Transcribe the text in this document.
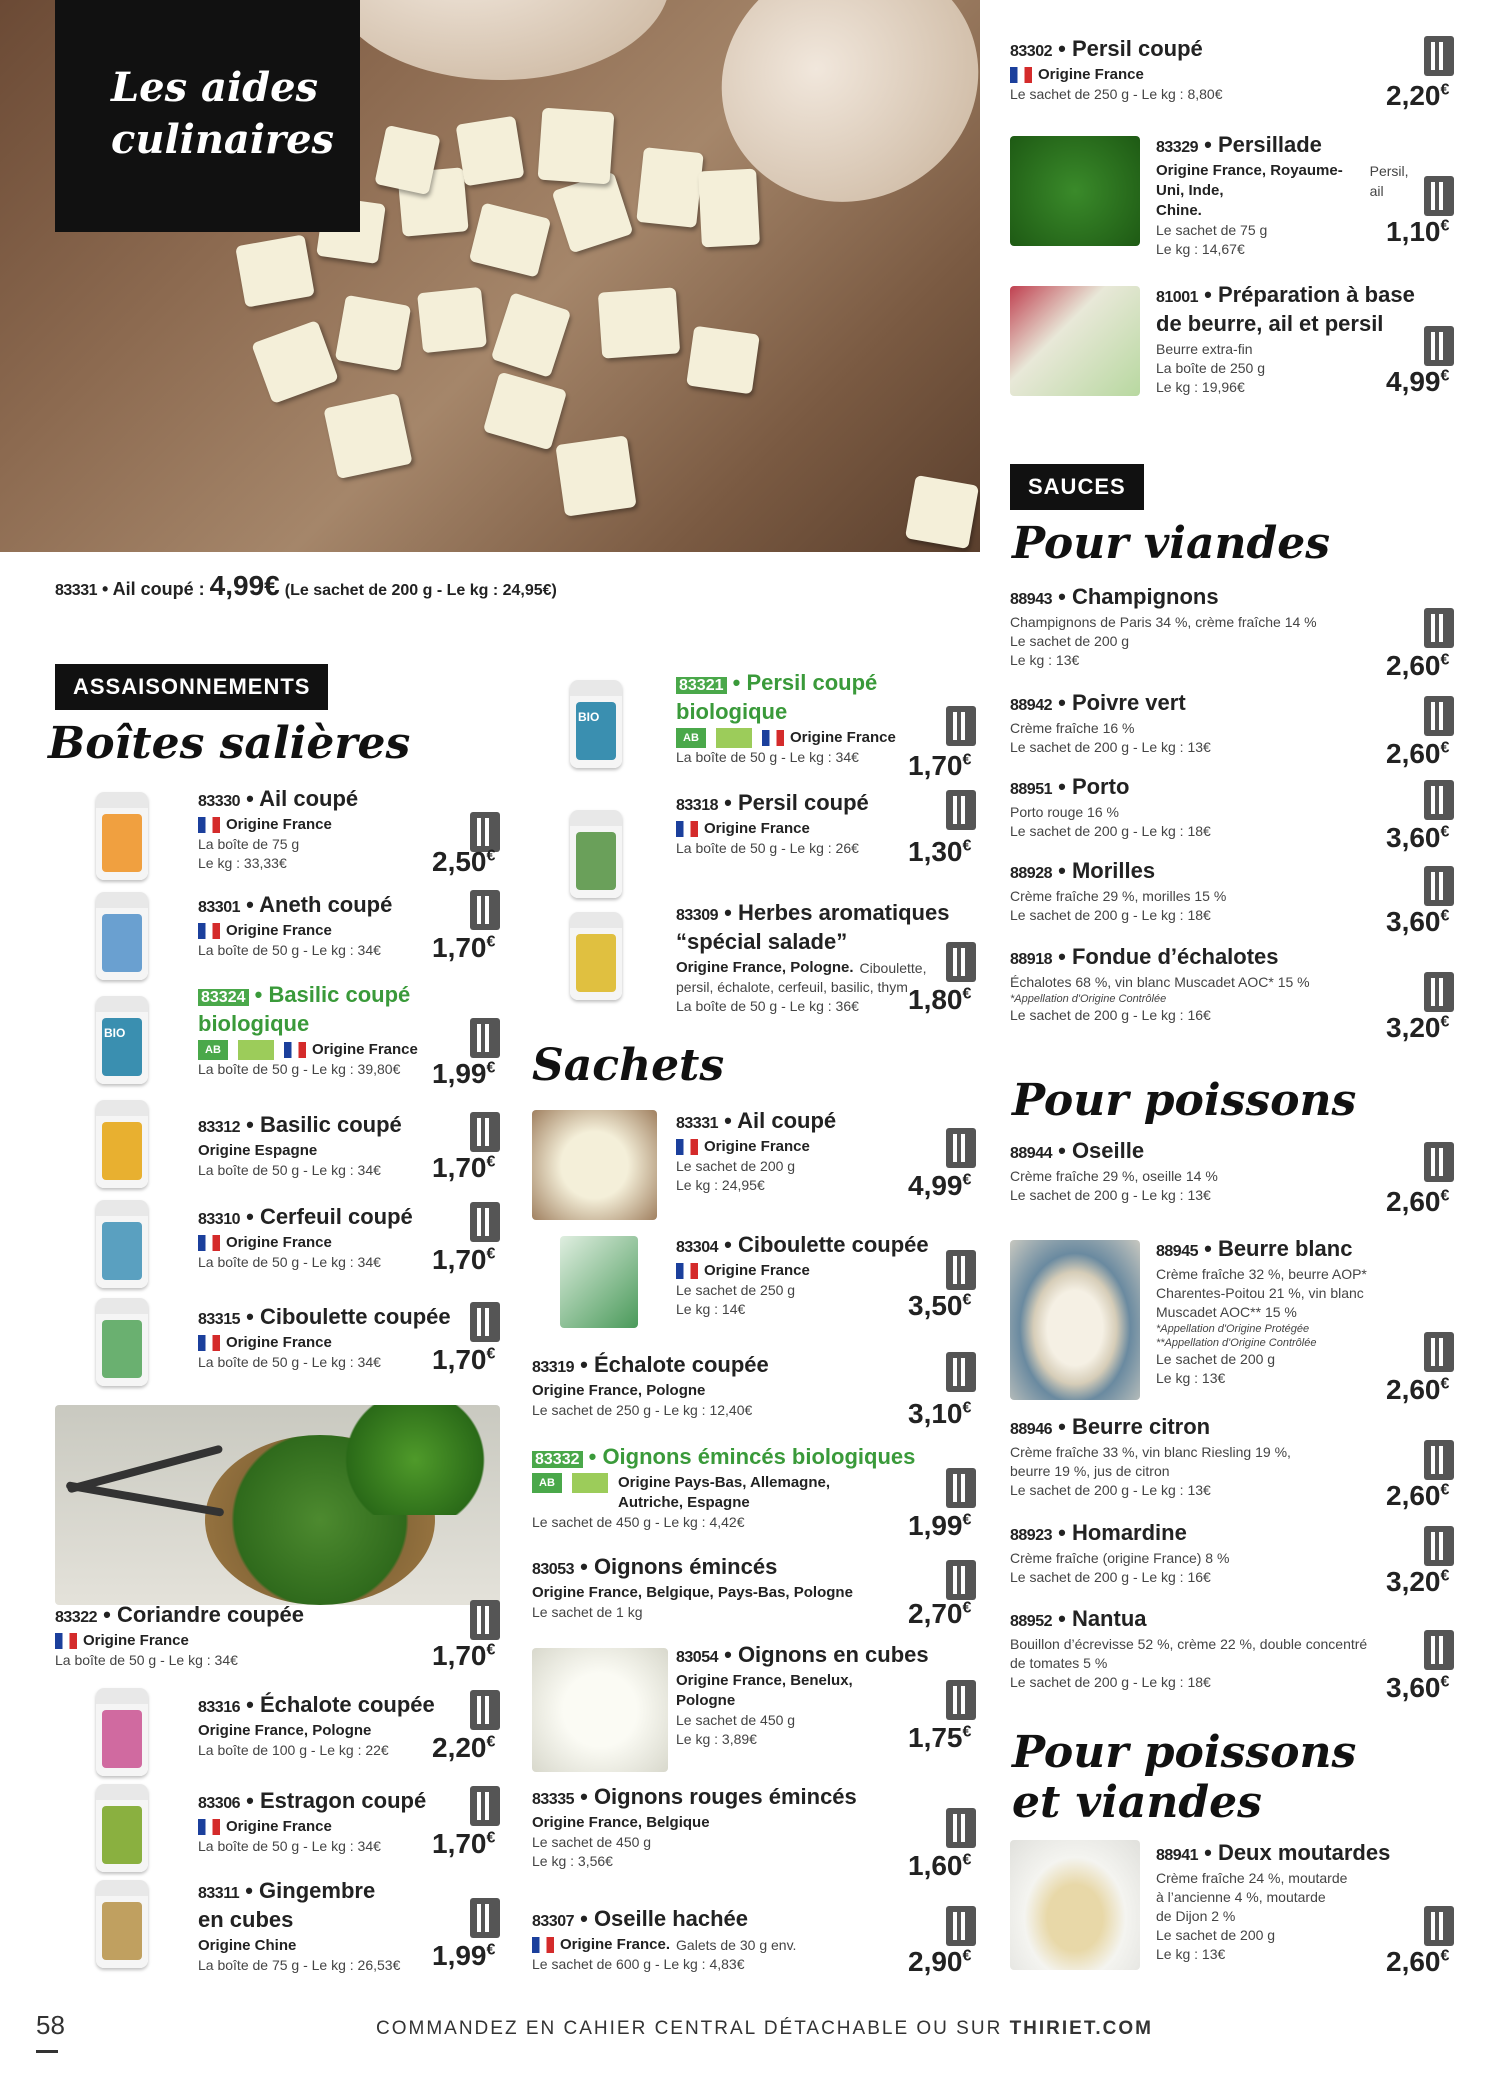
Les aides
culinaires
83331 • Ail coupé : 4,99€ (Le sachet de 200 g - Le kg : 24,95€)
ASSAISONNEMENTS
Boîtes salières
Sachets
SAUCES
Pour viandes
Pour poissons
Pour poissons
et viandes
58	COMMANDEZ EN CAHIER CENTRAL DÉTACHABLE OU SUR THIRIET.COM
83330 • Ail coupé
Origine France
La boîte de 75 g
Le kg : 33,33€	2,50€
83301 • Aneth coupé
Origine France
La boîte de 50 g - Le kg : 34€	1,70€
BIO
83324 • Basilic coupé
biologique
AB	Origine France
La boîte de 50 g - Le kg : 39,80€	1,99€
83312 • Basilic coupé
Origine Espagne
La boîte de 50 g - Le kg : 34€	1,70€
83310 • Cerfeuil coupé
Origine France
La boîte de 50 g - Le kg : 34€	1,70€
83315 • Ciboulette coupée
Origine France
La boîte de 50 g - Le kg : 34€	1,70€
83322 • Coriandre coupée
Origine France
La boîte de 50 g - Le kg : 34€	1,70€
83316 • Échalote coupée
Origine France, Pologne
La boîte de 100 g - Le kg : 22€	2,20€
83306 • Estragon coupé
Origine France
La boîte de 50 g - Le kg : 34€	1,70€
83311 • Gingembre
en cubes
Origine Chine
La boîte de 75 g - Le kg : 26,53€ 1,99€
BIO
83321 • Persil coupé
biologique
AB	Origine France
La boîte de 50 g - Le kg : 34€	1,70€
83318 • Persil coupé
Origine France
La boîte de 50 g - Le kg : 26€	1,30€
83309 • Herbes aromatiques
“spécial salade”
Origine France, Pologne. Ciboulette,
persil, échalote, cerfeuil, basilic, thym
La boîte de 50 g - Le kg : 36€	1,80€
83331 • Ail coupé
Origine France
Le sachet de 200 g
Le kg : 24,95€	4,99€
83304 • Ciboulette coupée
Origine France
Le sachet de 250 g
Le kg : 14€	3,50€
83319 • Échalote coupée
Origine France, Pologne
Le sachet de 250 g - Le kg : 12,40€	3,10€
83332 • Oignons émincés biologiques
AB	Origine Pays-Bas, Allemagne,
Autriche, Espagne
Le sachet de 450 g - Le kg : 4,42€	1,99€
83053 • Oignons émincés
Origine France, Belgique, Pays-Bas, Pologne
Le sachet de 1 kg	2,70€
83054 • Oignons en cubes
Origine France, Benelux,
Pologne
Le sachet de 450 g
Le kg : 3,89€	1,75€
83335 • Oignons rouges émincés
Origine France, Belgique
Le sachet de 450 g
Le kg : 3,56€	1,60€
83307 • Oseille hachée
Origine France. Galets de 30 g env.
Le sachet de 600 g - Le kg : 4,83€	2,90€
83302 • Persil coupé
Origine France
Le sachet de 250 g - Le kg : 8,80€	2,20€
83329 • Persillade
Origine France, Royaume-Uni, Inde,
Persil, ail
Chine.
Le sachet de 75 g
Le kg : 14,67€
1,10€
81001 • Préparation à base
de beurre, ail et persil
Beurre extra-fin
La boîte de 250 g
Le kg : 19,96€	4,99€
88943 • Champignons
Champignons de Paris 34 %, crème fraîche 14 %
Le sachet de 200 g
Le kg : 13€	2,60€
88942 • Poivre vert
Crème fraîche 16 %
Le sachet de 200 g - Le kg : 13€	2,60€
88951 • Porto
Porto rouge 16 %
Le sachet de 200 g - Le kg : 18€	3,60€
88928 • Morilles
Crème fraîche 29 %, morilles 15 %
Le sachet de 200 g - Le kg : 18€	3,60€
88918 • Fondue d’échalotes
Échalotes 68 %, vin blanc Muscadet AOC* 15 %
*Appellation d'Origine Contrôlée
Le sachet de 200 g - Le kg : 16€	3,20€
88944 • Oseille
Crème fraîche 29 %, oseille 14 %
Le sachet de 200 g - Le kg : 13€	2,60€
88945 • Beurre blanc
Crème fraîche 32 %, beurre AOP*
Charentes-Poitou 21 %, vin blanc
Muscadet AOC** 15 %
*Appellation d'Origine Protégée
**Appellation d'Origine Contrôlée
Le sachet de 200 g
Le kg : 13€	2,60€
88946 • Beurre citron
Crème fraîche 33 %, vin blanc Riesling 19 %,
beurre 19 %, jus de citron
Le sachet de 200 g - Le kg : 13€	2,60€
88923 • Homardine
Crème fraîche (origine France) 8 %
Le sachet de 200 g - Le kg : 16€	3,20€
88952 • Nantua
Bouillon d’écrevisse 52 %, crème 22 %, double concentré
de tomates 5 %
Le sachet de 200 g - Le kg : 18€	3,60€
88941 • Deux moutardes
Crème fraîche 24 %, moutarde
à l’ancienne 4 %, moutarde
de Dijon 2 %
Le sachet de 200 g
Le kg : 13€	2,60€
